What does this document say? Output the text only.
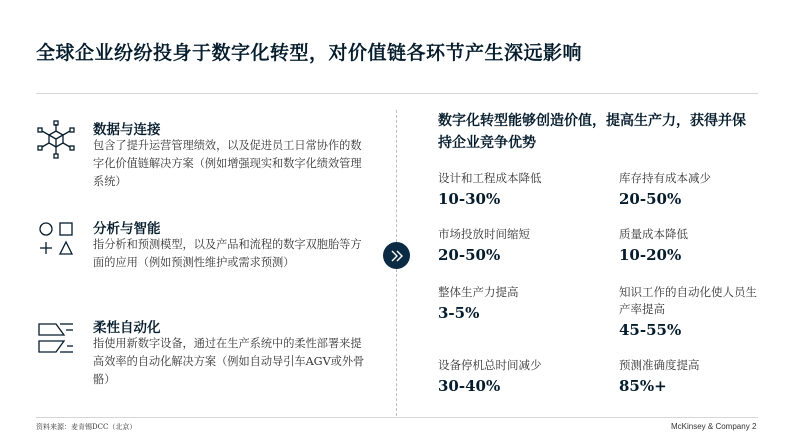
全球企业纷纷投身于数字化转型，对价值链各环节产生深远影响
数据与连接
包含了提升运营管理绩效，以及促进员工日常协作的数字化价值链解决方案（例如增强现实和数字化绩效管理系统）
分析与智能
指分析和预测模型，以及产品和流程的数字双胞胎等方面的应用（例如预测性维护或需求预测）
柔性自动化
指使用新数字设备，通过在生产系统中的柔性部署来提高效率的自动化解决方案（例如自动导引车AGV或外骨骼）
数字化转型能够创造价值，提高生产力，获得并保持企业竞争优势
设计和工程成本降低
10-30%
库存持有成本减少
20-50%
市场投放时间缩短
20-50%
质量成本降低
10-20%
整体生产力提高
3-5%
知识工作的自动化使人员生产率提高
45-55%
设备停机总时间减少
30-40%
预测准确度提高
85%+
资料来源：麦肯锡DCC（北京）	McKinsey & Company 2
